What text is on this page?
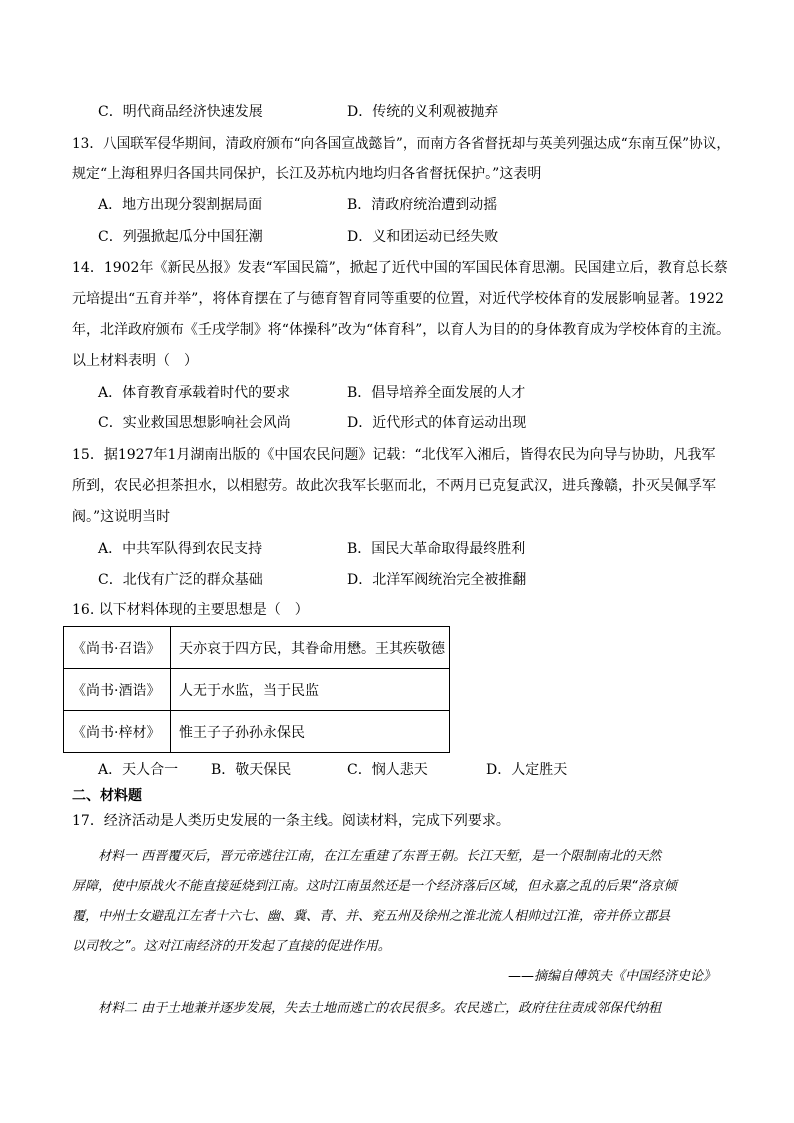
C．明代商品经济快速发展	D．传统的义利观被抛弃
13．八国联军侵华期间，清政府颁布“向各国宣战懿旨”，而南方各省督抚却与英美列强达成“东南互保”协议，
规定“上海租界归各国共同保护，长江及苏杭内地均归各省督抚保护。”这表明
A．地方出现分裂割据局面	B．清政府统治遭到动摇
C．列强掀起瓜分中国狂潮	D．义和团运动已经失败
14．1902年《新民丛报》发表“军国民篇”，掀起了近代中国的军国民体育思潮。民国建立后，教育总长蔡
元培提出“五育并举”，将体育摆在了与德育智育同等重要的位置，对近代学校体育的发展影响显著。1922
年，北洋政府颁布《壬戌学制》将“体操科”改为“体育科”，以育人为目的的身体教育成为学校体育的主流。
以上材料表明（　）
A．体育教育承载着时代的要求	B．倡导培养全面发展的人才
C．实业救国思想影响社会风尚	D．近代形式的体育运动出现
15．据1927年1月湖南出版的《中国农民问题》记载：“北伐军入湘后，皆得农民为向导与协助，凡我军
所到，农民必担茶担水，以相慰劳。故此次我军长驱而北，不两月已克复武汉，进兵豫赣，扑灭吴佩孚军
阀。”这说明当时
A．中共军队得到农民支持	B．国民大革命取得最终胜利
C．北伐有广泛的群众基础	D．北洋军阀统治完全被推翻
16. 以下材料体现的主要思想是（　）
《尚书·召诰》	天亦哀于四方民，其眷命用懋。王其疾敬德
《尚书·酒诰》	人无于水监，当于民监
《尚书·梓材》	惟王子子孙孙永保民
A．天人合一 B．敬天保民	C．悯人悲天	D．人定胜天
二、材料题
17．经济活动是人类历史发展的一条主线。阅读材料，完成下列要求。
材料一 西晋覆灭后，晋元帝逃往江南，在江左重建了东晋王朝。长江天堑，是一个限制南北的天然
屏障，使中原战火不能直接延烧到江南。这时江南虽然还是一个经济落后区域，但永嘉之乱的后果“洛京倾
覆，中州士女避乱江左者十六七、幽、冀、青、并、兖五州及徐州之淮北流人相帅过江淮，帝并侨立郡县
以司牧之”。这对江南经济的开发起了直接的促进作用。
——摘编自傅筑夫《中国经济史论》
材料二 由于土地兼并逐步发展，失去土地而逃亡的农民很多。农民逃亡，政府往往责成邻保代纳租
